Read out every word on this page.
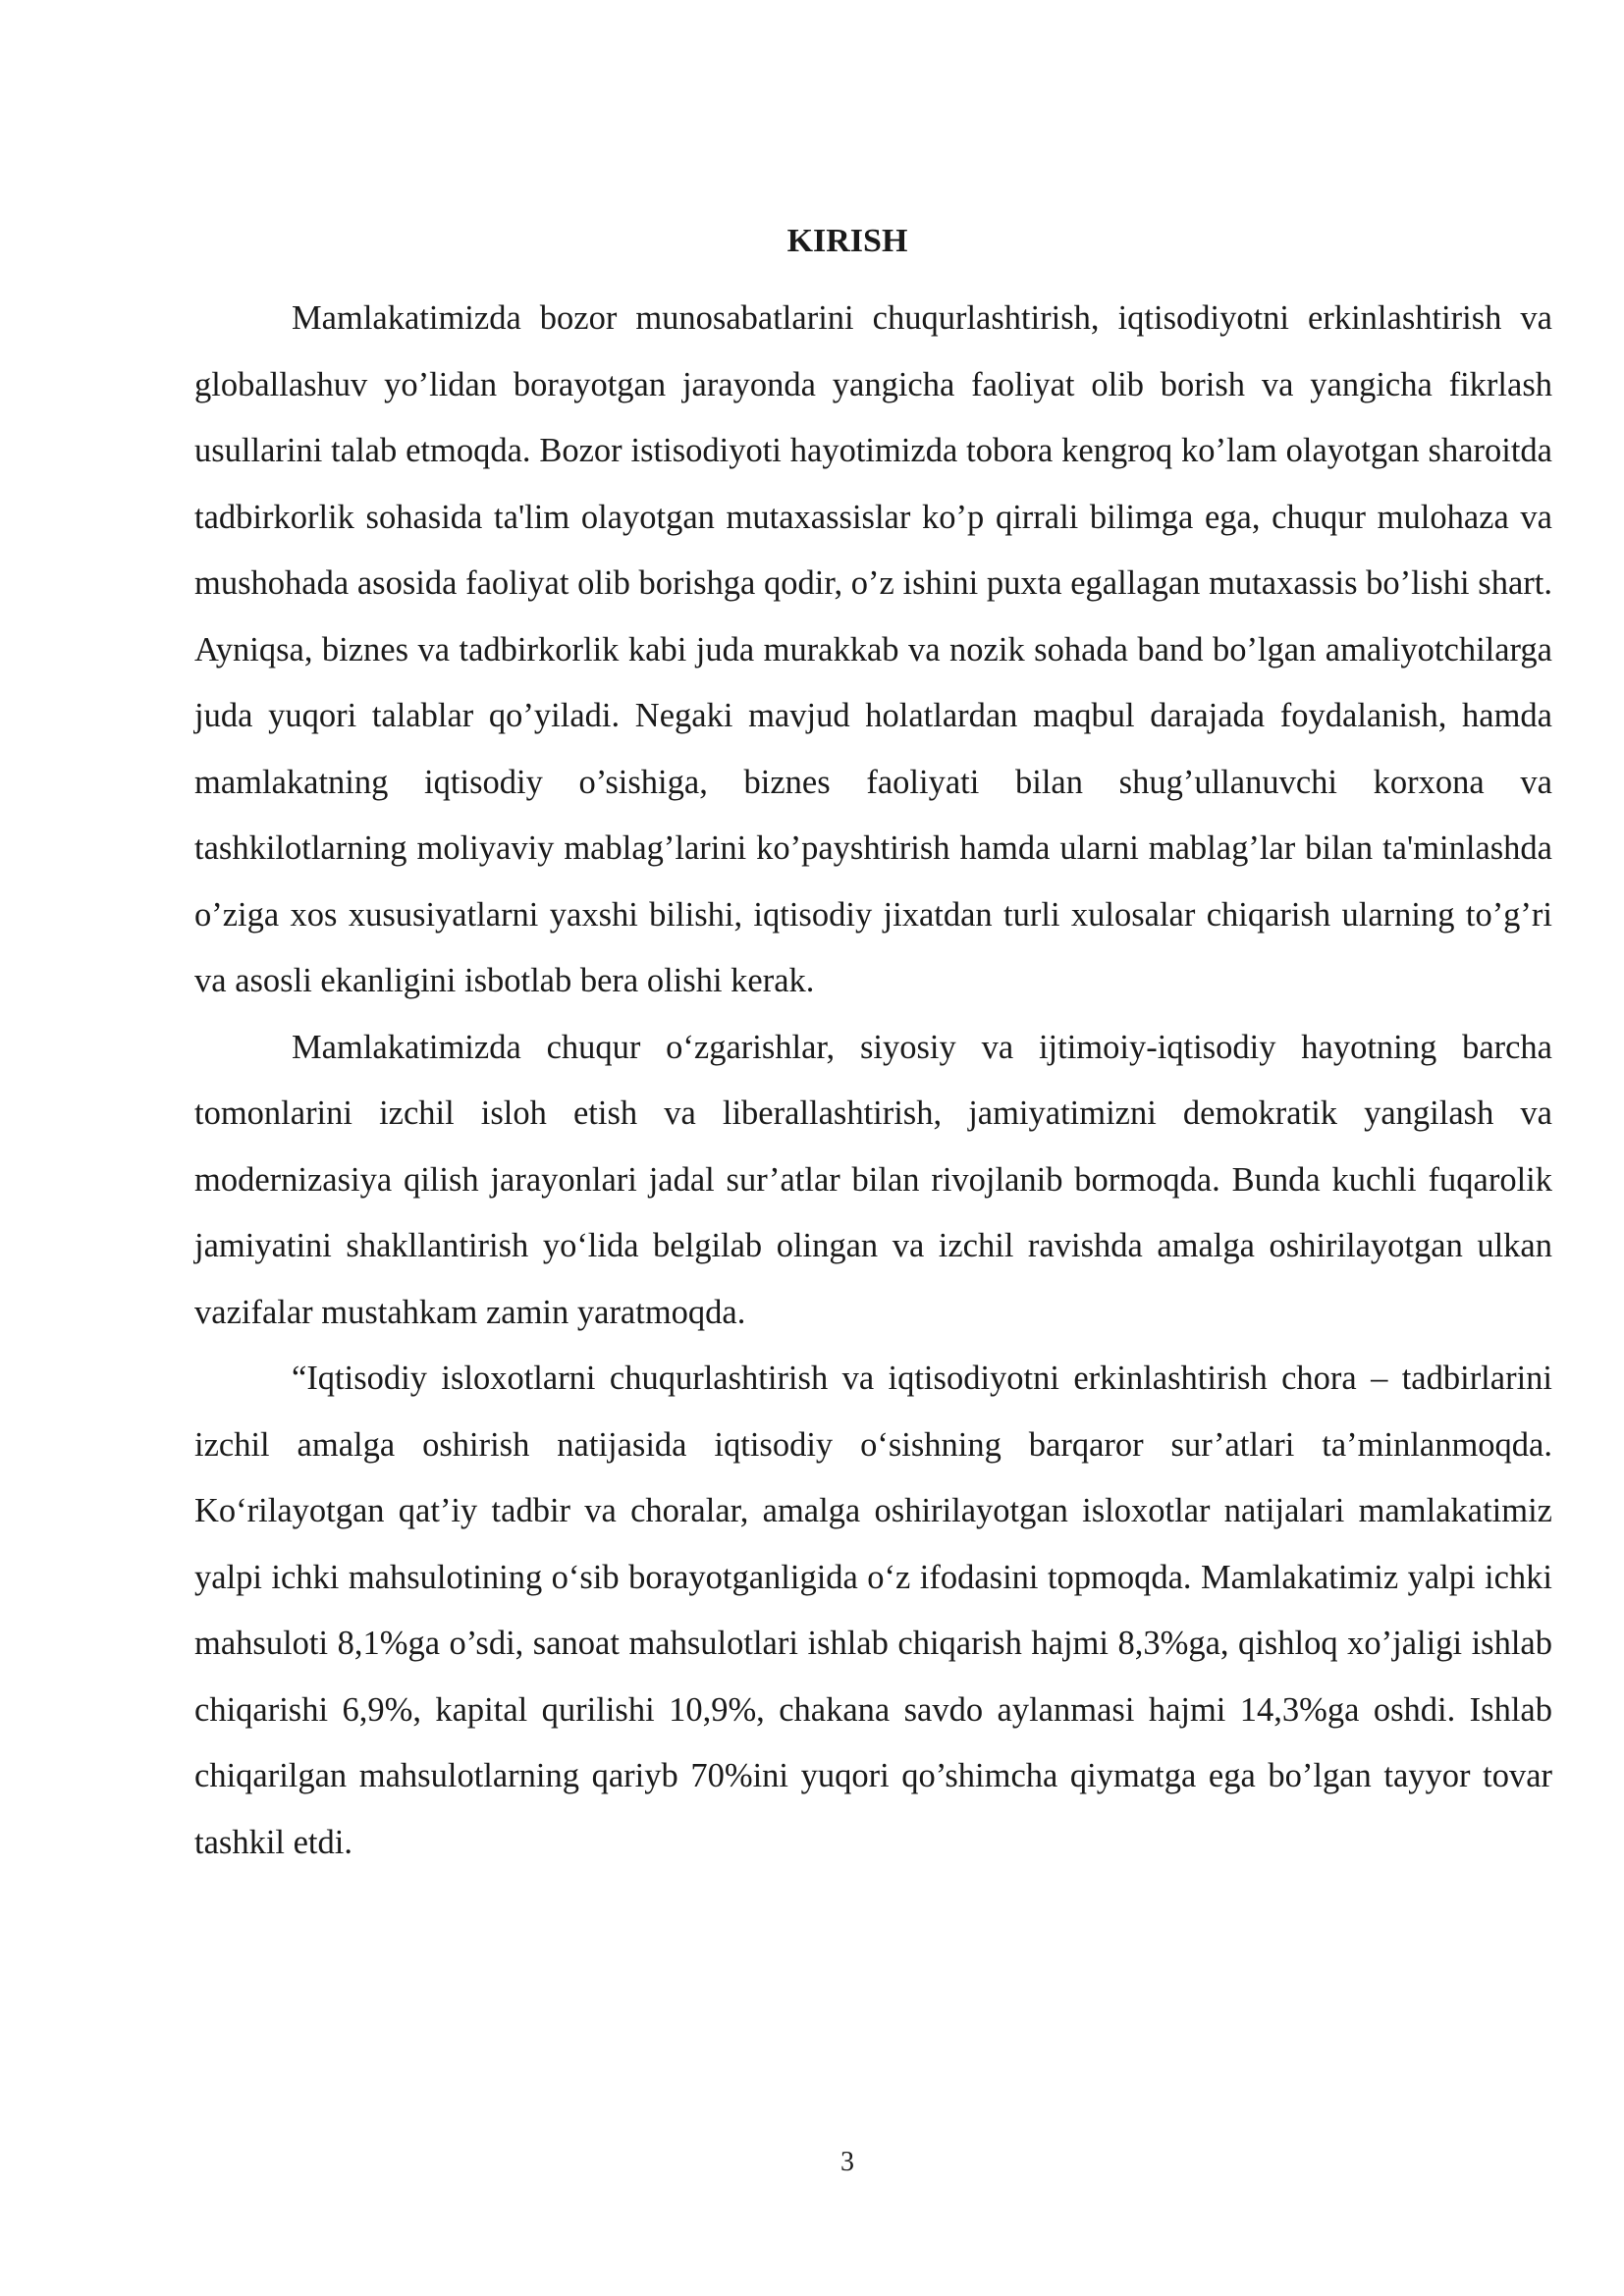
KIRISH

Mamlakatimizda bozor munosabatlarini chuqurlashtirish, iqtisodiyotni erkinlashtirish va globallashuv yo’lidan borayotgan jarayonda yangicha faoliyat olib borish va yangicha fikrlash usullarini talab etmoqda. Bozor istisodiyoti hayotimizda tobora kengroq ko’lam olayotgan sharoitda tadbirkorlik sohasida ta'lim olayotgan mutaxassislar ko’p qirrali bilimga ega, chuqur mulohaza va mushohada asosida faoliyat olib borishga qodir, o’z ishini puxta egallagan mutaxassis bo’lishi shart. Ayniqsa, biznes va tadbirkorlik kabi juda murakkab va nozik sohada band bo’lgan amaliyotchilarga juda yuqori talablar qo’yiladi. Negaki mavjud holatlardan maqbul darajada foydalanish, hamda mamlakatning iqtisodiy o’sishiga, biznes faoliyati bilan shug’ullanuvchi korxona va tashkilotlarning moliyaviy mablag’larini ko’payshtirish hamda ularni mablag’lar bilan ta'minlashda o’ziga xos xususiyatlarni yaxshi bilishi, iqtisodiy jixatdan turli xulosalar chiqarish ularning to’g’ri va asosli ekanligini isbotlab bera olishi kerak.

Mamlakatimizda chuqur o‘zgarishlar, siyosiy va ijtimoiy-iqtisodiy hayotning barcha tomonlarini izchil isloh etish va liberallashtirish, jamiyatimizni demokratik yangilash va modernizasiya qilish jarayonlari jadal sur’atlar bilan rivojlanib bormoqda. Bunda kuchli fuqarolik jamiyatini shakllantirish yo‘lida belgilab olingan va izchil ravishda amalga oshirilayotgan ulkan vazifalar mustahkam zamin yaratmoqda.

“Iqtisodiy isloxotlarni chuqurlashtirish va iqtisodiyotni erkinlashtirish chora – tadbirlarini izchil amalga oshirish natijasida iqtisodiy o‘sishning barqaror sur’atlari ta’minlanmoqda. Ko‘rilayotgan qat’iy tadbir va choralar, amalga oshirilayotgan isloxotlar natijalari mamlakatimiz yalpi ichki mahsulotining o‘sib borayotganligida o‘z ifodasini topmoqda. Mamlakatimiz yalpi ichki mahsuloti 8,1%ga o’sdi, sanoat mahsulotlari ishlab chiqarish hajmi 8,3%ga, qishloq xo’jaligi ishlab chiqarishi 6,9%, kapital qurilishi 10,9%, chakana savdo aylanmasi hajmi 14,3%ga oshdi. Ishlab chiqarilgan mahsulotlarning qariyb 70%ini yuqori qo’shimcha qiymatga ega bo’lgan tayyor tovar tashkil etdi.

3
